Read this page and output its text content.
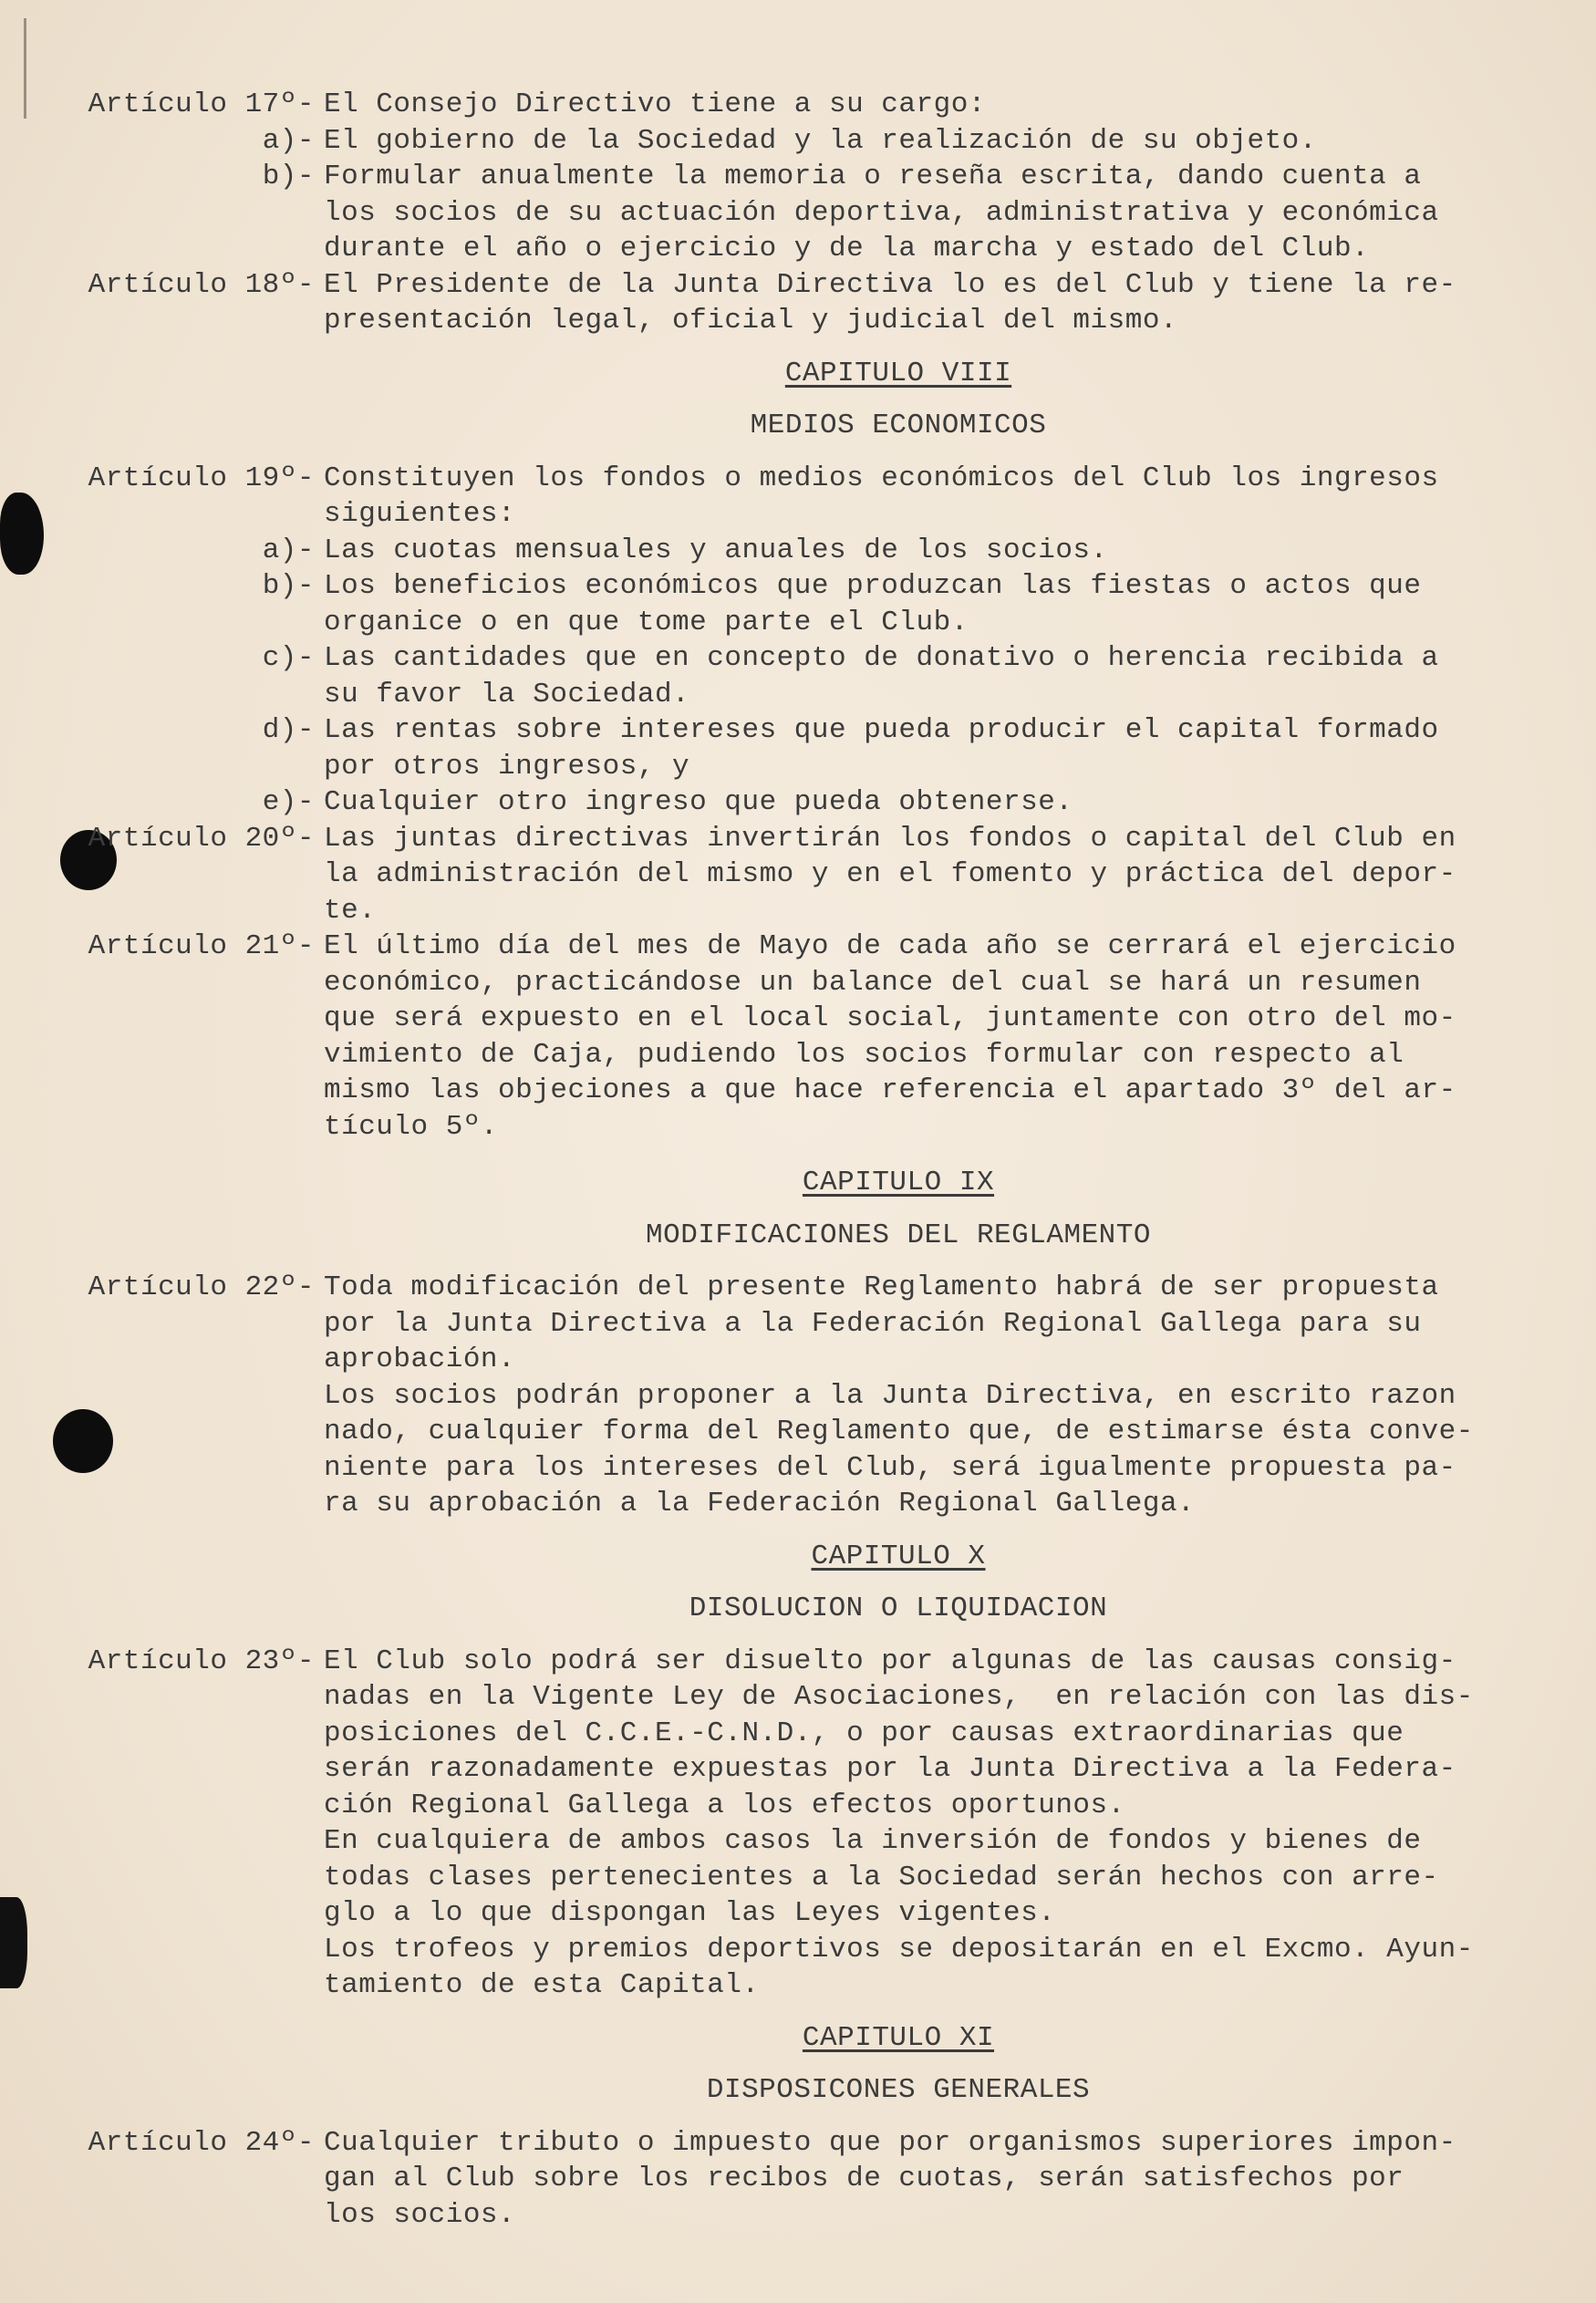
Artículo 17º- El Consejo Directivo tiene a su cargo:
a)- El gobierno de la Sociedad y la realización de su objeto.
b)- Formular anualmente la memoria o reseña escrita, dando cuenta a
los socios de su actuación deportiva, administrativa y económica
durante el año o ejercicio y de la marcha y estado del Club.
Artículo 18º- El Presidente de la Junta Directiva lo es del Club y tiene la re-
presentación legal, oficial y judicial del mismo.
CAPITULO VIII
MEDIOS ECONOMICOS
Artículo 19º- Constituyen los fondos o medios económicos del Club los ingresos
siguientes:
a)- Las cuotas mensuales y anuales de los socios.
b)- Los beneficios económicos que produzcan las fiestas o actos que
organice o en que tome parte el Club.
c)- Las cantidades que en concepto de donativo o herencia recibida a
su favor la Sociedad.
d)- Las rentas sobre intereses que pueda producir el capital formado
por otros ingresos, y
e)- Cualquier otro ingreso que pueda obtenerse.
Artículo 20º- Las juntas directivas invertirán los fondos o capital del Club en
la administración del mismo y en el fomento y práctica del depor-
te.
Artículo 21º- El último día del mes de Mayo de cada año se cerrará el ejercicio
económico, practicándose un balance del cual se hará un resumen
que será expuesto en el local social, juntamente con otro del mo-
vimiento de Caja, pudiendo los socios formular con respecto al
mismo las objeciones a que hace referencia el apartado 3º del ar-
tículo 5º.
CAPITULO IX
MODIFICACIONES DEL REGLAMENTO
Artículo 22º- Toda modificación del presente Reglamento habrá de ser propuesta
por la Junta Directiva a la Federación Regional Gallega para su
aprobación.
Los socios podrán proponer a la Junta Directiva, en escrito razon
nado, cualquier forma del Reglamento que, de estimarse ésta conve-
niente para los intereses del Club, será igualmente propuesta pa-
ra su aprobación a la Federación Regional Gallega.
CAPITULO X
DISOLUCION O LIQUIDACION
Artículo 23º- El Club solo podrá ser disuelto por algunas de las causas consig-
nadas en la Vigente Ley de Asociaciones,  en relación con las dis-
posiciones del C.C.E.-C.N.D., o por causas extraordinarias que
serán razonadamente expuestas por la Junta Directiva a la Federa-
ción Regional Gallega a los efectos oportunos.
En cualquiera de ambos casos la inversión de fondos y bienes de
todas clases pertenecientes a la Sociedad serán hechos con arre-
glo a lo que dispongan las Leyes vigentes.
Los trofeos y premios deportivos se depositarán en el Excmo. Ayun-
tamiento de esta Capital.
CAPITULO XI
DISPOSICONES GENERALES
Artículo 24º- Cualquier tributo o impuesto que por organismos superiores impon-
gan al Club sobre los recibos de cuotas, serán satisfechos por
los socios.
